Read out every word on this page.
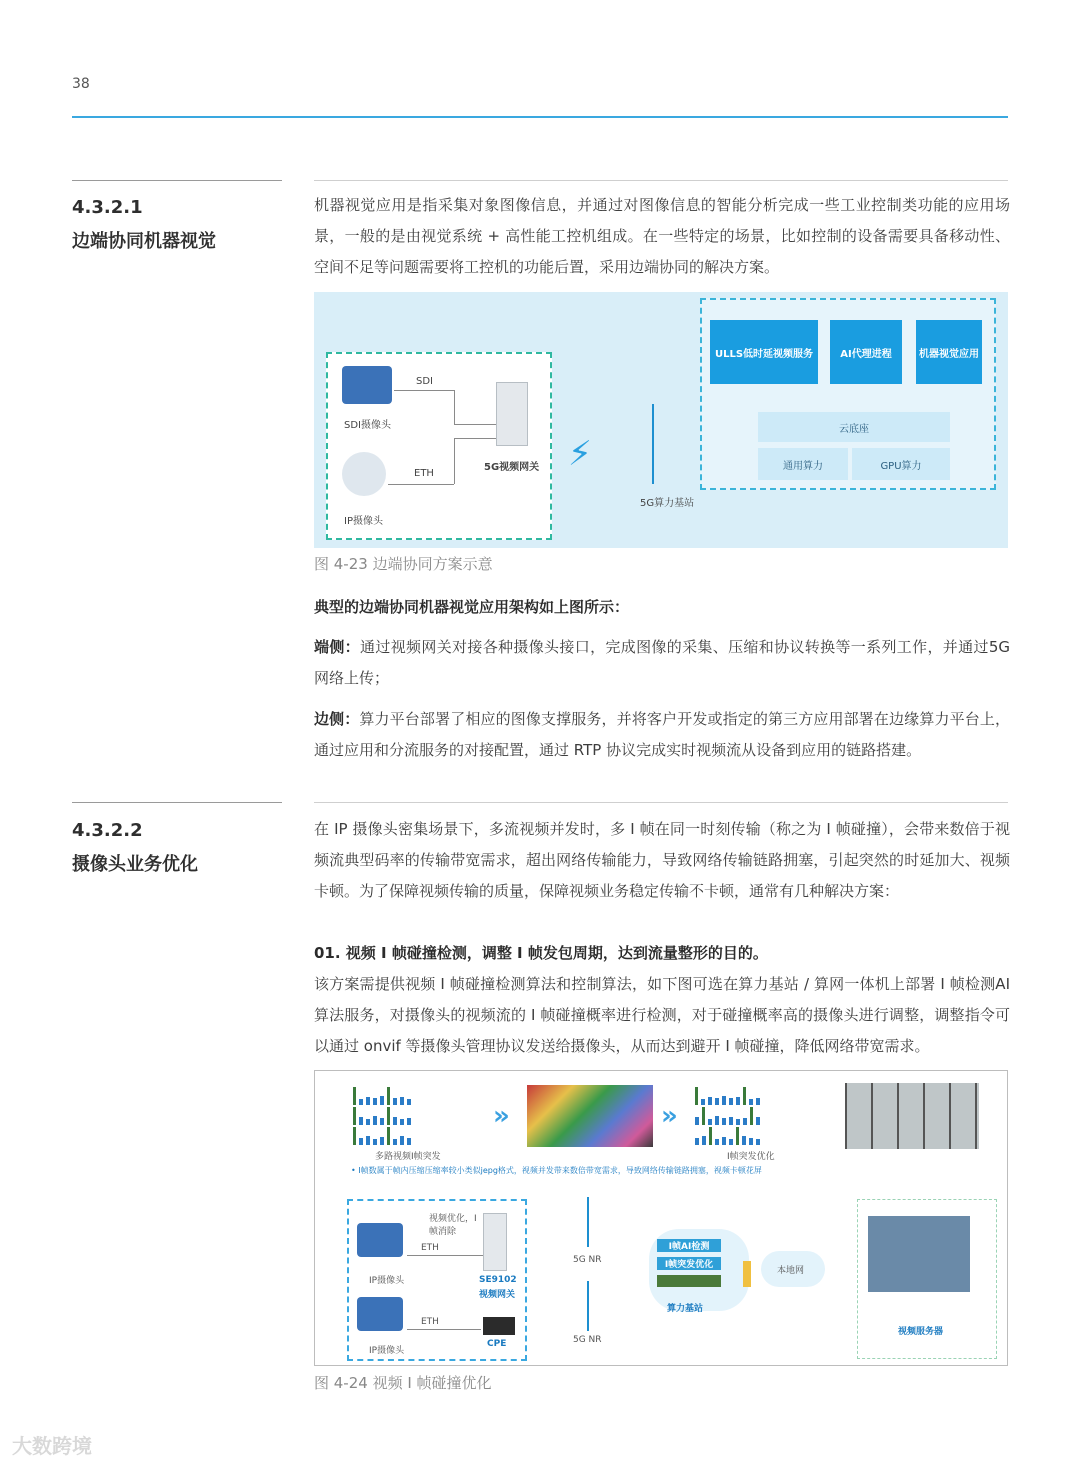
38
4.3.2.1
边端协同机器视觉
机器视觉应用是指采集对象图像信息，并通过对图像信息的智能分析完成一些工业控制类功能的应用场景，一般的是由视觉系统 + 高性能工控机组成。在一些特定的场景，比如控制的设备需要具备移动性、空间不足等问题需要将工控机的功能后置，采用边端协同的解决方案。
SDI摄像头
IP摄像头
SDI
ETH
5G视频网关 ⚡
5G算力基站
ULLS低时延视频服务	AI代理进程	机器视觉应用
云底座
通用算力	GPU算力
图 4-23 边端协同方案示意
典型的边端协同机器视觉应用架构如上图所示：
端侧：通过视频网关对接各种摄像头接口，完成图像的采集、压缩和协议转换等一系列工作，并通过5G 网络上传；
边侧：算力平台部署了相应的图像支撑服务，并将客户开发或指定的第三方应用部署在边缘算力平台上，通过应用和分流服务的对接配置，通过 RTP 协议完成实时视频流从设备到应用的链路搭建。
4.3.2.2
摄像头业务优化
在 IP 摄像头密集场景下，多流视频并发时，多 I 帧在同一时刻传输（称之为 I 帧碰撞），会带来数倍于视频流典型码率的传输带宽需求，超出网络传输能力，导致网络传输链路拥塞，引起突然的时延加大、视频卡顿。为了保障视频传输的质量，保障视频业务稳定传输不卡顿，通常有几种解决方案：
01. 视频 I 帧碰撞检测，调整 I 帧发包周期，达到流量整形的目的。
该方案需提供视频 I 帧碰撞检测算法和控制算法，如下图可选在算力基站 / 算网一体机上部署 I 帧检测AI 算法服务，对摄像头的视频流的 I 帧碰撞概率进行检测，对于碰撞概率高的摄像头进行调整，调整指令可以通过 onvif 等摄像头管理协议发送给摄像头，从而达到避开 I 帧碰撞，降低网络带宽需求。
多路视频I帧突发
»	»
I帧突发优化
• I帧数属于帧内压缩压缩率较小类似jepg格式，视频并发带来数倍带宽需求，导致网络传输链路拥塞，视频卡顿花屏
IP摄像头
视频优化，I帧消除
ETH
SE9102
视频网关
IP摄像头
ETH
CPE
5G NR
5G NR
I帧AI检测
I帧突发优化
算力基站
本地网
视频服务器
图 4-24 视频 I 帧碰撞优化
大数跨境
